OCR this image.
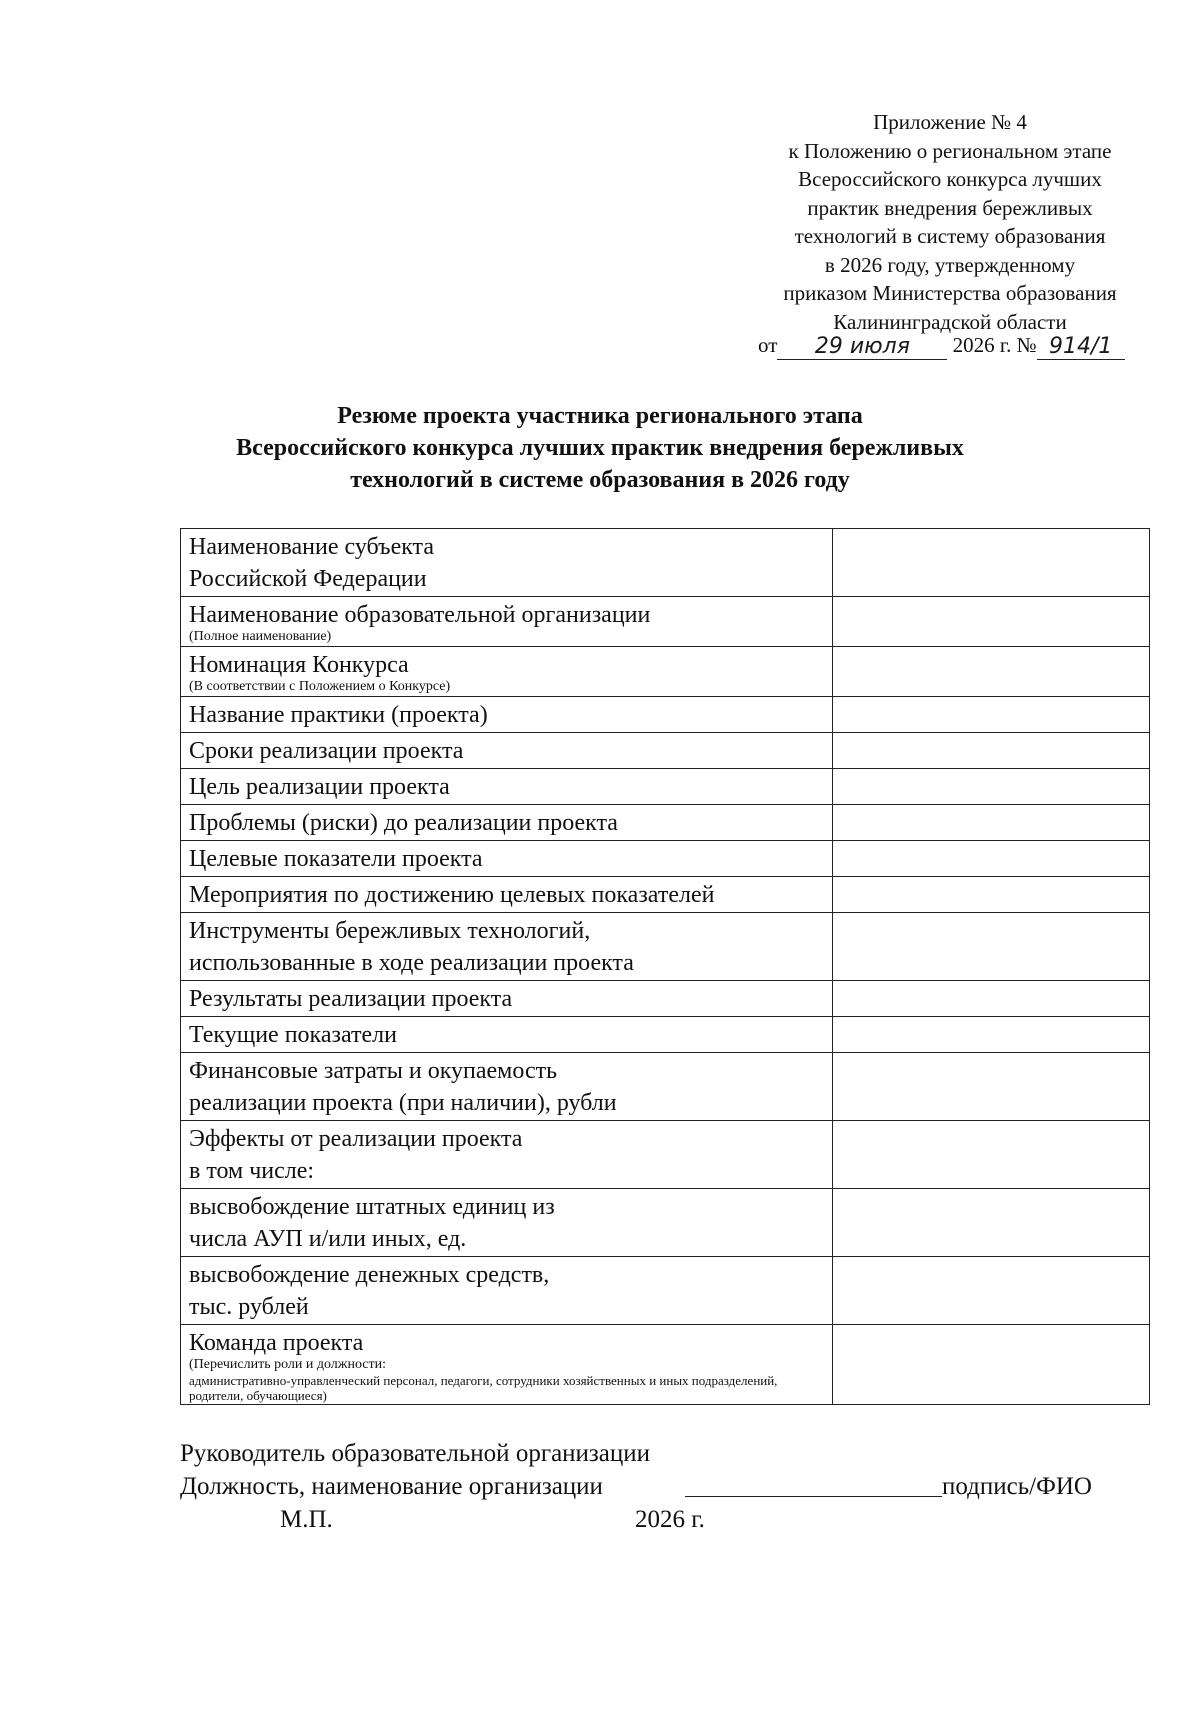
Приложение № 4
к Положению о региональном этапе
Всероссийского конкурса лучших
практик внедрения бережливых
технологий в систему образования
в 2026 году, утвержденному
приказом Министерства образования
Калининградской области
от 29 июля 2026 г. № 914/1
Резюме проекта участника регионального этапа
Всероссийского конкурса лучших практик внедрения бережливых
технологий в системе образования в 2026 году
Наименование субъекта
Российской Федерации	

Наименование образовательной организации
(Полное наименование)	

Номинация Конкурса
(В соответствии с Положением о Конкурсе)	

Название практики (проекта)	

Сроки реализации проекта	

Цель реализации проекта	

Проблемы (риски) до реализации проекта	

Целевые показатели проекта	

Мероприятия по достижению целевых показателей	

Инструменты бережливых технологий,
использованные в ходе реализации проекта	

Результаты реализации проекта	

Текущие показатели	

Финансовые затраты и окупаемость
реализации проекта (при наличии), рубли	

Эффекты от реализации проекта
в том числе:	

высвобождение штатных единиц из
числа АУП и/или иных, ед.	

высвобождение денежных средств,
тыс. рублей	

Команда проекта
(Перечислить роли и должности:
административно-управленческий персонал, педагоги, сотрудники хозяйственных и иных подразделений, родители, обучающиеся)	

Руководитель образовательной организации
Должность, наименование организации	подпись/ФИО
М.П.	2026 г.
